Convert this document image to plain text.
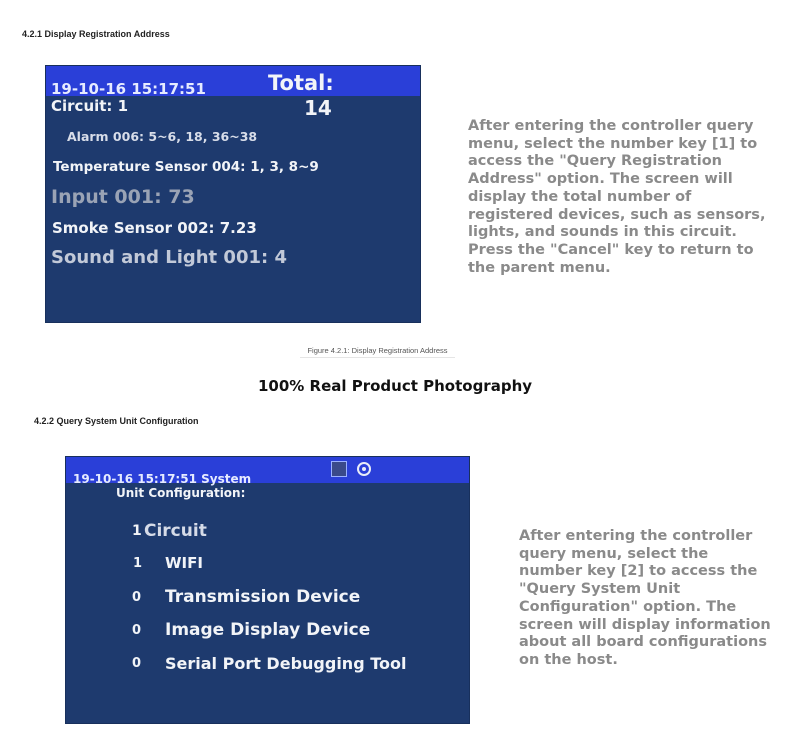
4.2.1 Display Registration Address
19-10-16 15:17:51	Total:
14
Circuit: 1
Alarm 006: 5~6, 18, 36~38
Temperature Sensor 004: 1, 3, 8~9
Input 001: 73
Smoke Sensor 002: 7.23
Sound and Light 001: 4

After entering the controller query menu, select the number key [1] to access the "Query Registration Address" option. The screen will display the total number of registered devices, such as sensors, lights, and sounds in this circuit. Press the "Cancel" key to return to the parent menu.

Figure 4.2.1: Display Registration Address
100% Real Product Photography
4.2.2 Query System Unit Configuration
19-10-16 15:17:51 System
Unit Configuration:
1 Circuit
1 WIFI
0 Transmission Device
0 Image Display Device
0 Serial Port Debugging Tool

After entering the controller query menu, select the number key [2] to access the "Query System Unit Configuration" option. The screen will display information about all board configurations on the host.
